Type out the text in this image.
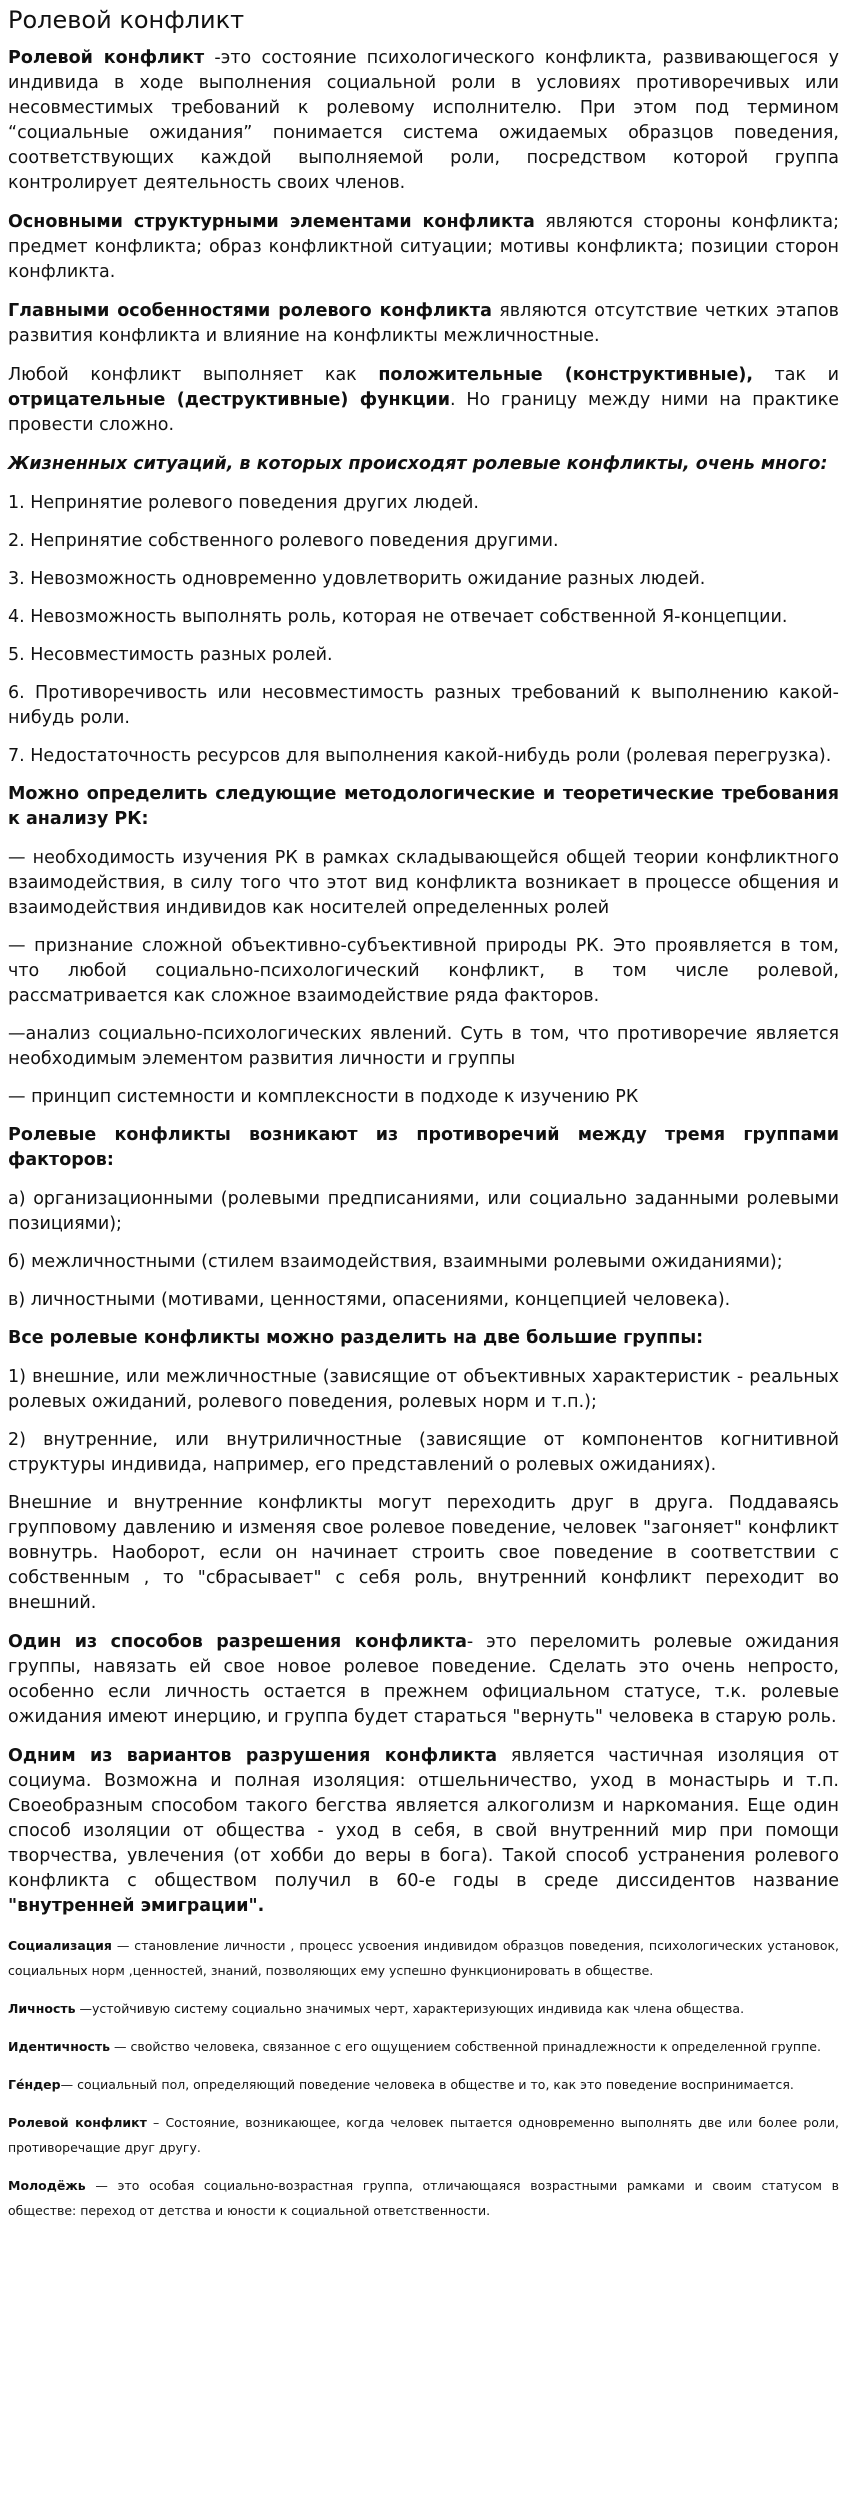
Ролевой конфликт

Ролевой конфликт -это состояние психологического конфликта, развивающегося у индивида в ходе выполнения социальной роли в условиях противоречивых или несовместимых требований к ролевому исполнителю. При этом под термином “социальные ожидания” понимается система ожидаемых образцов поведения, соответствующих каждой выполняемой роли, посредством которой группа контролирует деятельность своих членов.

Основными структурными элементами конфликта являются стороны конфликта; предмет конфликта; образ конфликтной ситуации; мотивы конфликта; позиции сторон конфликта.

Главными особенностями ролевого конфликта являются отсутствие четких этапов развития конфликта и влияние на конфликты межличностные.

Любой конфликт выполняет как положительные (конструктивные), так и отрицательные (деструктивные) функции. Но границу между ними на практике провести сложно.

Жизненных ситуаций, в которых происходят ролевые конфликты, очень много:

1. Непринятие ролевого поведения других людей.

2. Непринятие собственного ролевого поведения другими.

3. Невозможность одновременно удовлетворить ожидание разных людей.

4. Невозможность выполнять роль, которая не отвечает собственной Я-концепции.

5. Несовместимость разных ролей.

6. Противоречивость или несовместимость разных требований к выполнению какой-нибудь роли.

7. Недостаточность ресурсов для выполнения какой-нибудь роли (ролевая перегрузка).

Можно определить следующие методологические и теоретические требования к анализу РК:

— необходимость изучения РК в рамках складывающейся общей теории конфликтного взаимодействия, в силу того что этот вид конфликта возникает в процессе общения и взаимодействия индивидов как носителей определенных ролей

— признание сложной объективно-субъективной природы РК. Это проявляется в том, что любой социально-психологический конфликт, в том числе ролевой, рассматривается как сложное взаимодействие ряда факторов.

—анализ социально-психологических явлений. Суть в том, что противоречие является необходимым элементом развития личности и группы

— принцип системности и комплексности в подходе к изучению РК

Ролевые конфликты возникают из противоречий между тремя группами факторов:

а) организационными (ролевыми предписаниями, или социально заданными ролевыми позициями);

б) межличностными (стилем взаимодействия, взаимными ролевыми ожиданиями);

в) личностными (мотивами, ценностями, опасениями, концепцией человека).

Все ролевые конфликты можно разделить на две большие группы:

1) внешние, или межличностные (зависящие от объективных характеристик - реальных ролевых ожиданий, ролевого поведения, ролевых норм и т.п.);

2) внутренние, или внутриличностные (зависящие от компонентов когнитивной структуры индивида, например, его представлений о ролевых ожиданиях).

Внешние и внутренние конфликты могут переходить друг в друга. Поддаваясь групповому давлению и изменяя свое ролевое поведение, человек "загоняет" конфликт вовнутрь. Наоборот, если он начинает строить свое поведение в соответствии с собственным , то "сбрасывает" с себя роль, внутренний конфликт переходит во внешний.

Один из способов разрешения конфликта- это переломить ролевые ожидания группы, навязать ей свое новое ролевое поведение. Сделать это очень непросто, особенно если личность остается в прежнем официальном статусе, т.к. ролевые ожидания имеют инерцию, и группа будет стараться "вернуть" человека в старую роль.

Одним из вариантов разрушения конфликта является частичная изоляция от социума. Возможна и полная изоляция: отшельничество, уход в монастырь и т.п. Своеобразным способом такого бегства является алкоголизм и наркомания. Еще один способ изоляции от общества - уход в себя, в свой внутренний мир при помощи творчества, увлечения (от хобби до веры в бога). Такой способ устранения ролевого конфликта с обществом получил в 60-е годы в среде диссидентов название "внутренней эмиграции".

Социализация — становление личности , процесс усвоения индивидом образцов поведения, психологических установок, социальных норм ,ценностей, знаний, позволяющих ему успешно функционировать в обществе.

Личность —устойчивую систему социально значимых черт, характеризующих индивида как члена общества.

Идентичность — свойство человека, связанное с его ощущением собственной принадлежности к определенной группе.

Гéндер— социальный пол, определяющий поведение человека в обществе и то, как это поведение воспринимается.

Ролевой конфликт – Состояние, возникающее, когда человек пытается одновременно выполнять две или более роли, противоречащие друг другу.

Молодёжь — это особая социально-возрастная группа, отличающаяся возрастными рамками и своим статусом в обществе: переход от детства и юности к социальной ответственности.
